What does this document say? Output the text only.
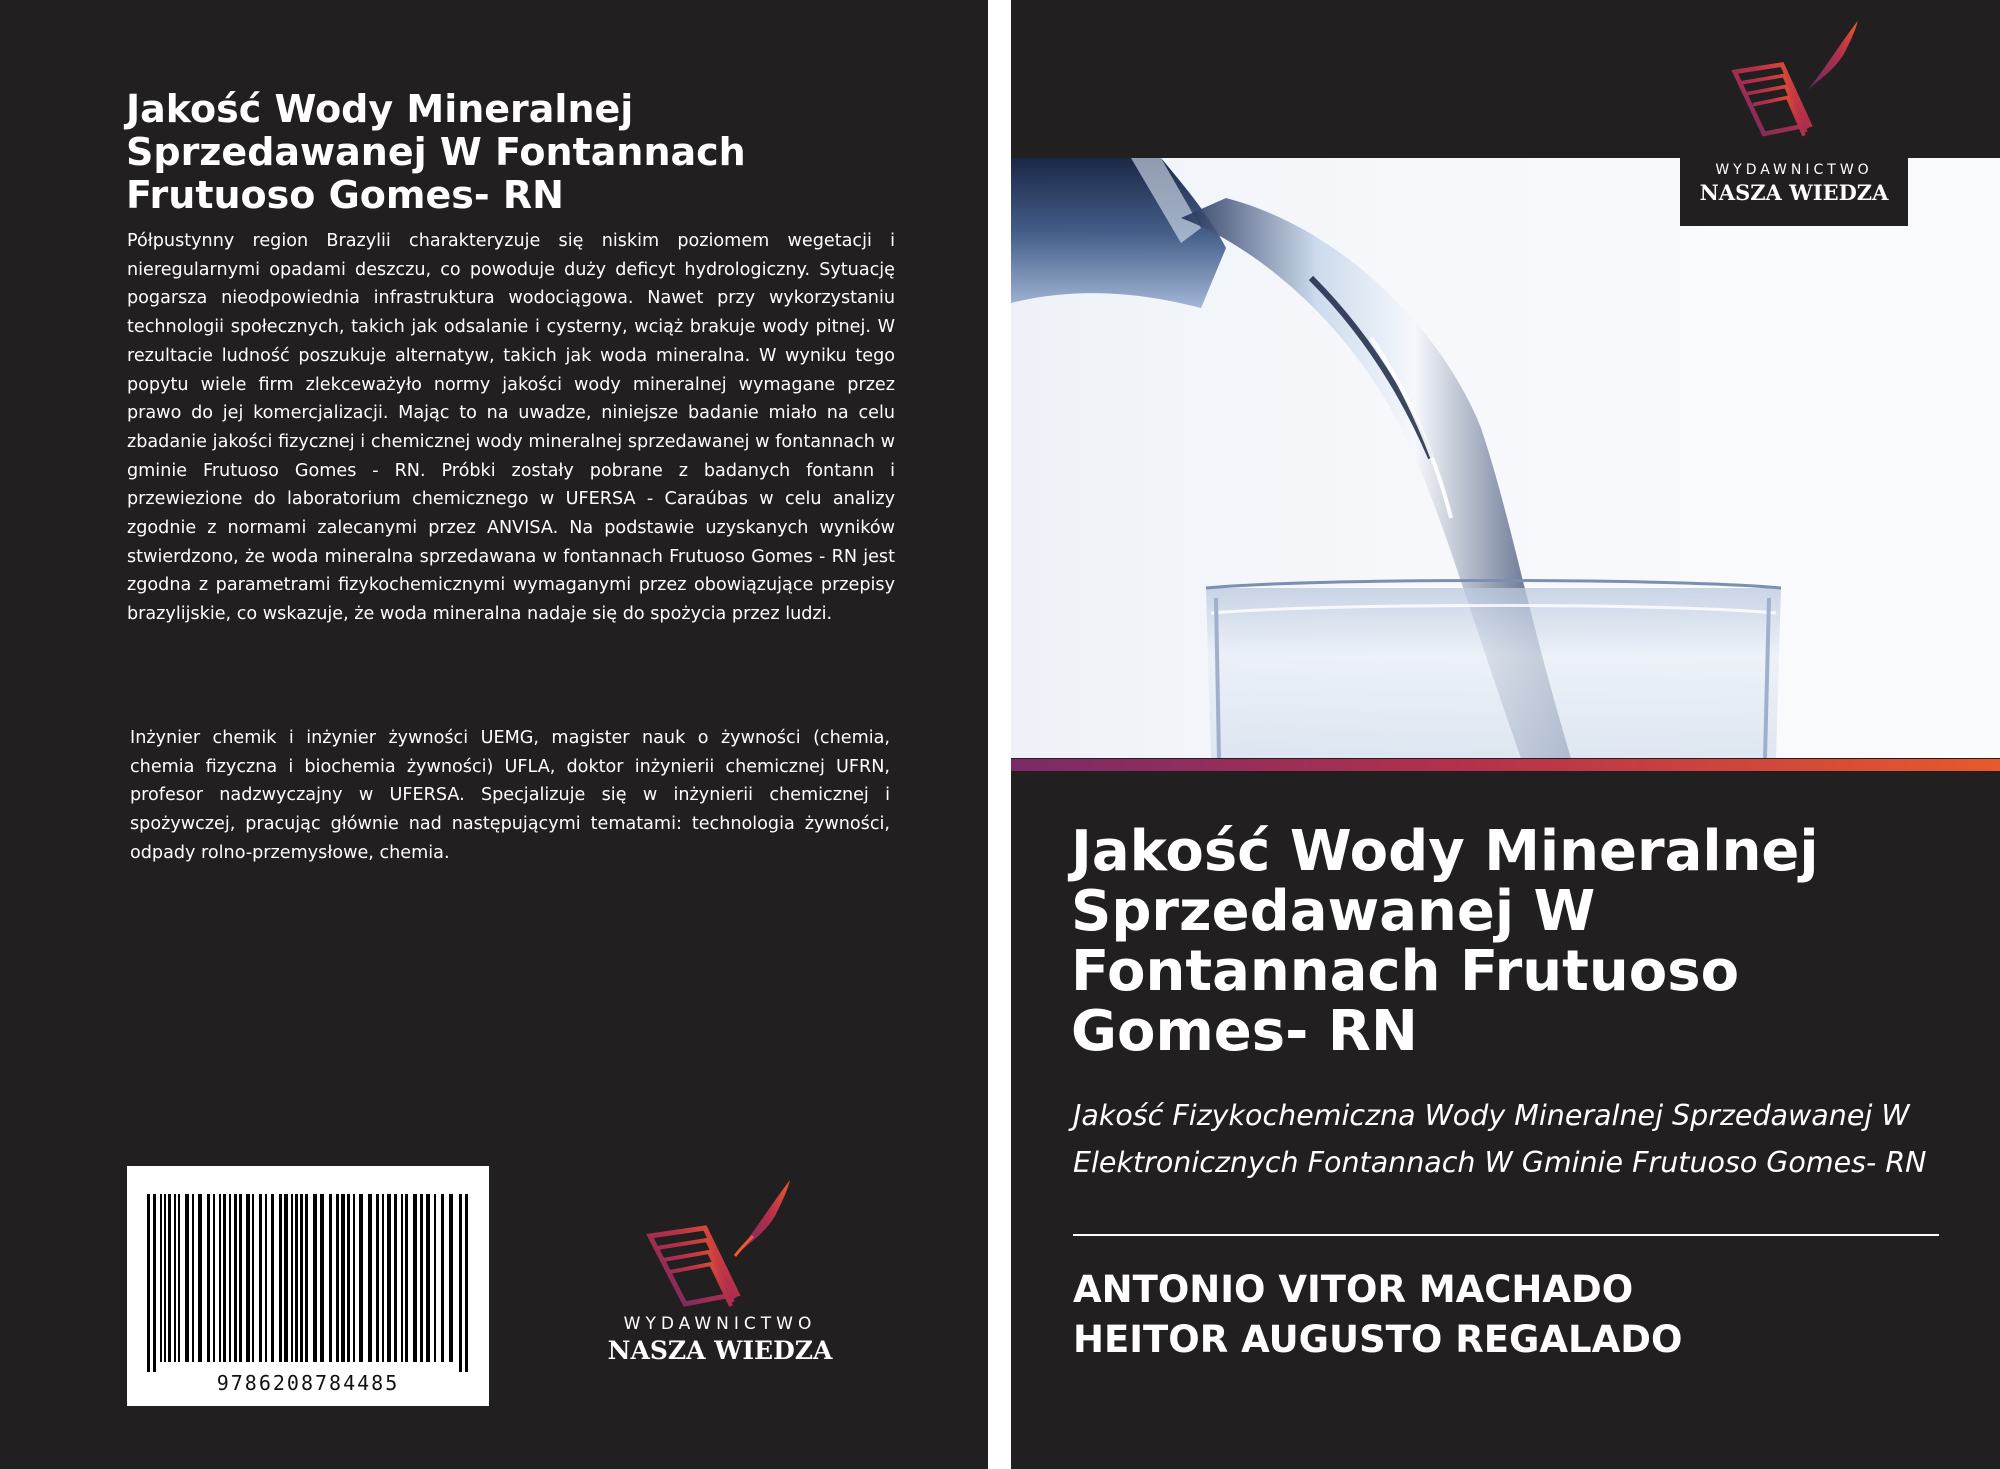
Jakość Wody Mineralnej Sprzedawanej W Fontannach Frutuoso Gomes- RN

Półpustynny region Brazylii charakteryzuje się niskim poziomem wegetacji i nieregularnymi opadami deszczu, co powoduje duży deficyt hydrologiczny. Sytuację pogarsza nieodpowiednia infrastruktura wodociągowa. Nawet przy wykorzystaniu technologii społecznych, takich jak odsalanie i cysterny, wciąż brakuje wody pitnej. W rezultacie ludność poszukuje alternatyw, takich jak woda mineralna. W wyniku tego popytu wiele firm zlekceważyło normy jakości wody mineralnej wymagane przez prawo do jej komercjalizacji. Mając to na uwadze, niniejsze badanie miało na celu zbadanie jakości fizycznej i chemicznej wody mineralnej sprzedawanej w fontannach w gminie Frutuoso Gomes - RN. Próbki zostały pobrane z badanych fontann i przewiezione do laboratorium chemicznego w UFERSA - Caraúbas w celu analizy zgodnie z normami zalecanymi przez ANVISA. Na podstawie uzyskanych wyników stwierdzono, że woda mineralna sprzedawana w fontannach Frutuoso Gomes - RN jest zgodna z parametrami fizykochemicznymi wymaganymi przez obowiązujące przepisy brazylijskie, co wskazuje, że woda mineralna nadaje się do spożycia przez ludzi.

Inżynier chemik i inżynier żywności UEMG, magister nauk o żywności (chemia, chemia fizyczna i biochemia żywności) UFLA, doktor inżynierii chemicznej UFRN, profesor nadzwyczajny w UFERSA. Specjalizuje się w inżynierii chemicznej i spożywczej, pracując głównie nad następującymi tematami: technologia żywności, odpady rolno-przemysłowe, chemia.

9786208784485
WYDAWNICTWO
NASZA WIEDZA
WYDAWNICTWO
NASZA WIEDZA
Jakość Wody Mineralnej Sprzedawanej W Fontannach Frutuoso Gomes- RN

Jakość Fizykochemiczna Wody Mineralnej Sprzedawanej W Elektronicznych Fontannach W Gminie Frutuoso Gomes- RN

ANTONIO VITOR MACHADO

HEITOR AUGUSTO REGALADO
